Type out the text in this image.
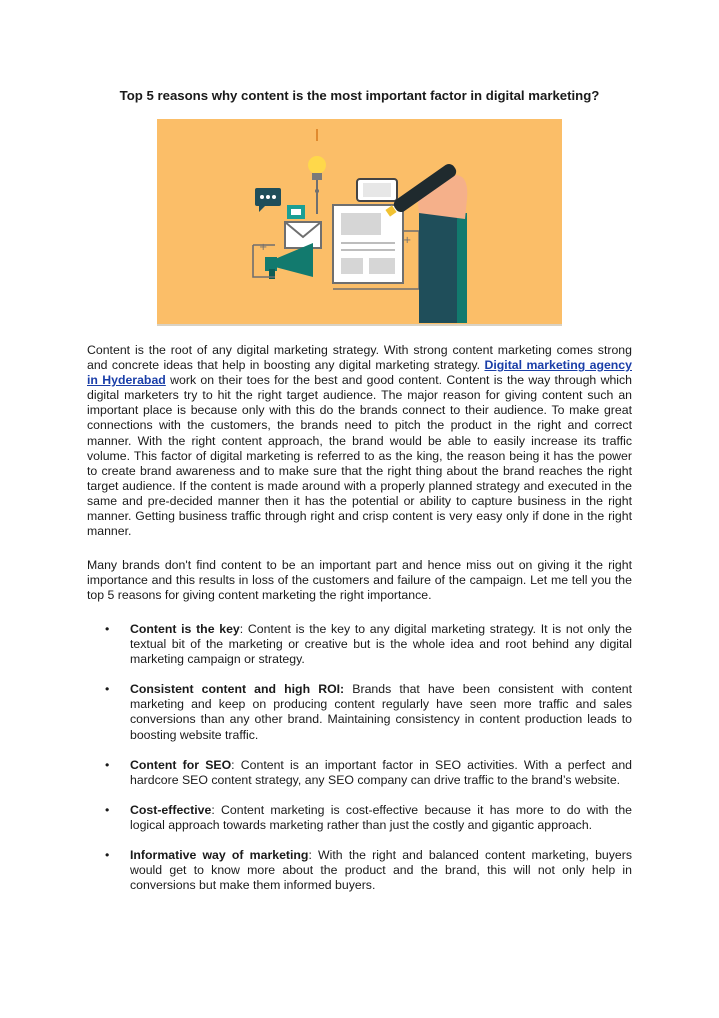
Top 5 reasons why content is the most important factor in digital marketing?
+
+
Content is the root of any digital marketing strategy. With strong content marketing comes strong and concrete ideas that help in boosting any digital marketing strategy. Digital marketing agency in Hyderabad work on their toes for the best and good content. Content is the way through which digital marketers try to hit the right target audience. The major reason for giving content such an important place is because only with this do the brands connect to their audience. To make great connections with the customers, the brands need to pitch the product in the right and correct manner. With the right content approach, the brand would be able to easily increase its traffic volume. This factor of digital marketing is referred to as the king, the reason being it has the power to create brand awareness and to make sure that the right thing about the brand reaches the right target audience. If the content is made around with a properly planned strategy and executed in the same and pre-decided manner then it has the potential or ability to capture business in the right manner. Getting business traffic through right and crisp content is very easy only if done in the right manner.
Many brands don't find content to be an important part and hence miss out on giving it the right importance and this results in loss of the customers and failure of the campaign. Let me tell you the top 5 reasons for giving content marketing the right importance.
• Content is the key: Content is the key to any digital marketing strategy. It is not only the textual bit of the marketing or creative but is the whole idea and root behind any digital marketing campaign or strategy.
• Consistent content and high ROI: Brands that have been consistent with content marketing and keep on producing content regularly have seen more traffic and sales conversions than any other brand. Maintaining consistency in content production leads to boosting website traffic.
• Content for SEO: Content is an important factor in SEO activities. With a perfect and hardcore SEO content strategy, any SEO company can drive traffic to the brand’s website.
• Cost-effective: Content marketing is cost-effective because it has more to do with the logical approach towards marketing rather than just the costly and gigantic approach.
• Informative way of marketing: With the right and balanced content marketing, buyers would get to know more about the product and the brand, this will not only help in conversions but make them informed buyers.
